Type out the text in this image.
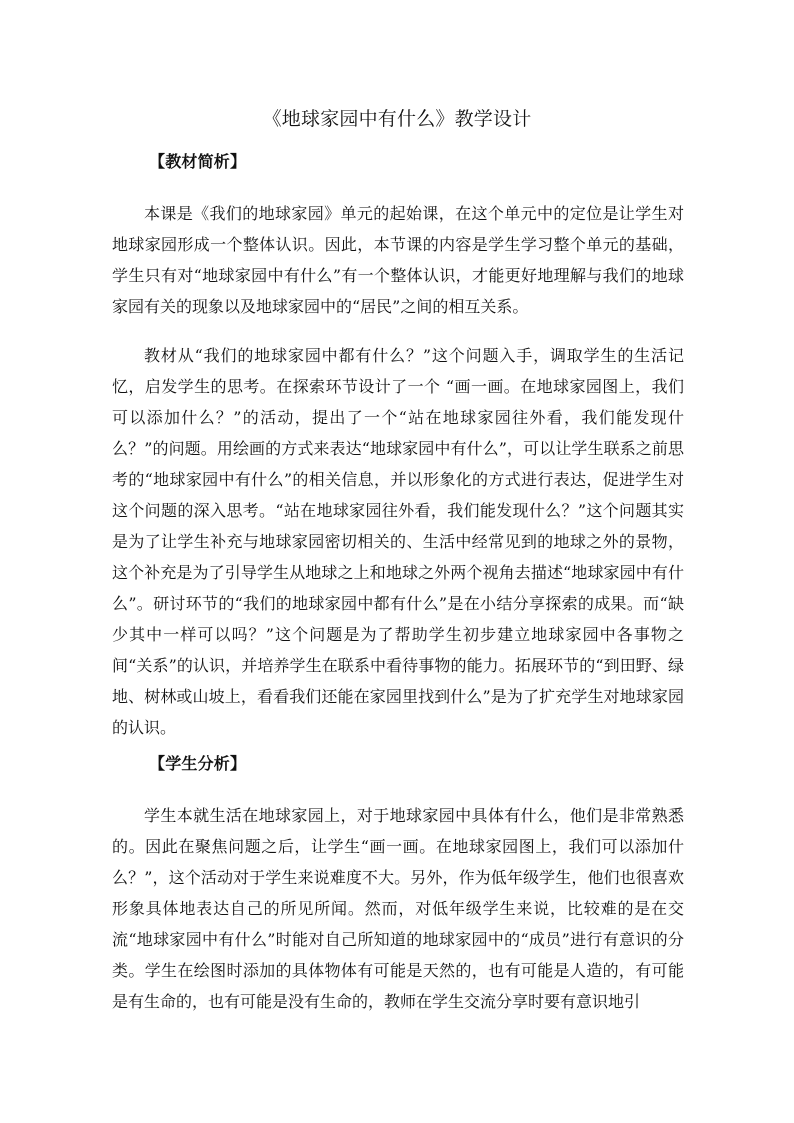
《地球家园中有什么》教学设计
【教材简析】

本课是《我们的地球家园》单元的起始课，在这个单元中的定位是让学生对地球家园形成一个整体认识。因此，本节课的内容是学生学习整个单元的基础，学生只有对“地球家园中有什么”有一个整体认识，才能更好地理解与我们的地球家园有关的现象以及地球家园中的“居民”之间的相互关系。

教材从“我们的地球家园中都有什么？”这个问题入手，调取学生的生活记忆，启发学生的思考。在探索环节设计了一个 “画一画。在地球家园图上，我们可以添加什么？”的活动，提出了一个“站在地球家园往外看，我们能发现什么？”的问题。用绘画的方式来表达“地球家园中有什么”，可以让学生联系之前思考的“地球家园中有什么”的相关信息，并以形象化的方式进行表达，促进学生对这个问题的深入思考。“站在地球家园往外看，我们能发现什么？”这个问题其实是为了让学生补充与地球家园密切相关的、生活中经常见到的地球之外的景物，这个补充是为了引导学生从地球之上和地球之外两个视角去描述“地球家园中有什么”。研讨环节的“我们的地球家园中都有什么”是在小结分享探索的成果。而“缺少其中一样可以吗？”这个问题是为了帮助学生初步建立地球家园中各事物之间“关系”的认识，并培养学生在联系中看待事物的能力。拓展环节的“到田野、绿地、树林或山坡上，看看我们还能在家园里找到什么”是为了扩充学生对地球家园的认识。

【学生分析】

学生本就生活在地球家园上，对于地球家园中具体有什么，他们是非常熟悉的。因此在聚焦问题之后，让学生“画一画。在地球家园图上，我们可以添加什么？”，这个活动对于学生来说难度不大。另外，作为低年级学生，他们也很喜欢形象具体地表达自己的所见所闻。然而，对低年级学生来说，比较难的是在交流“地球家园中有什么”时能对自己所知道的地球家园中的“成员”进行有意识的分类。学生在绘图时添加的具体物体有可能是天然的，也有可能是人造的，有可能是有生命的，也有可能是没有生命的，教师在学生交流分享时要有意识地引
